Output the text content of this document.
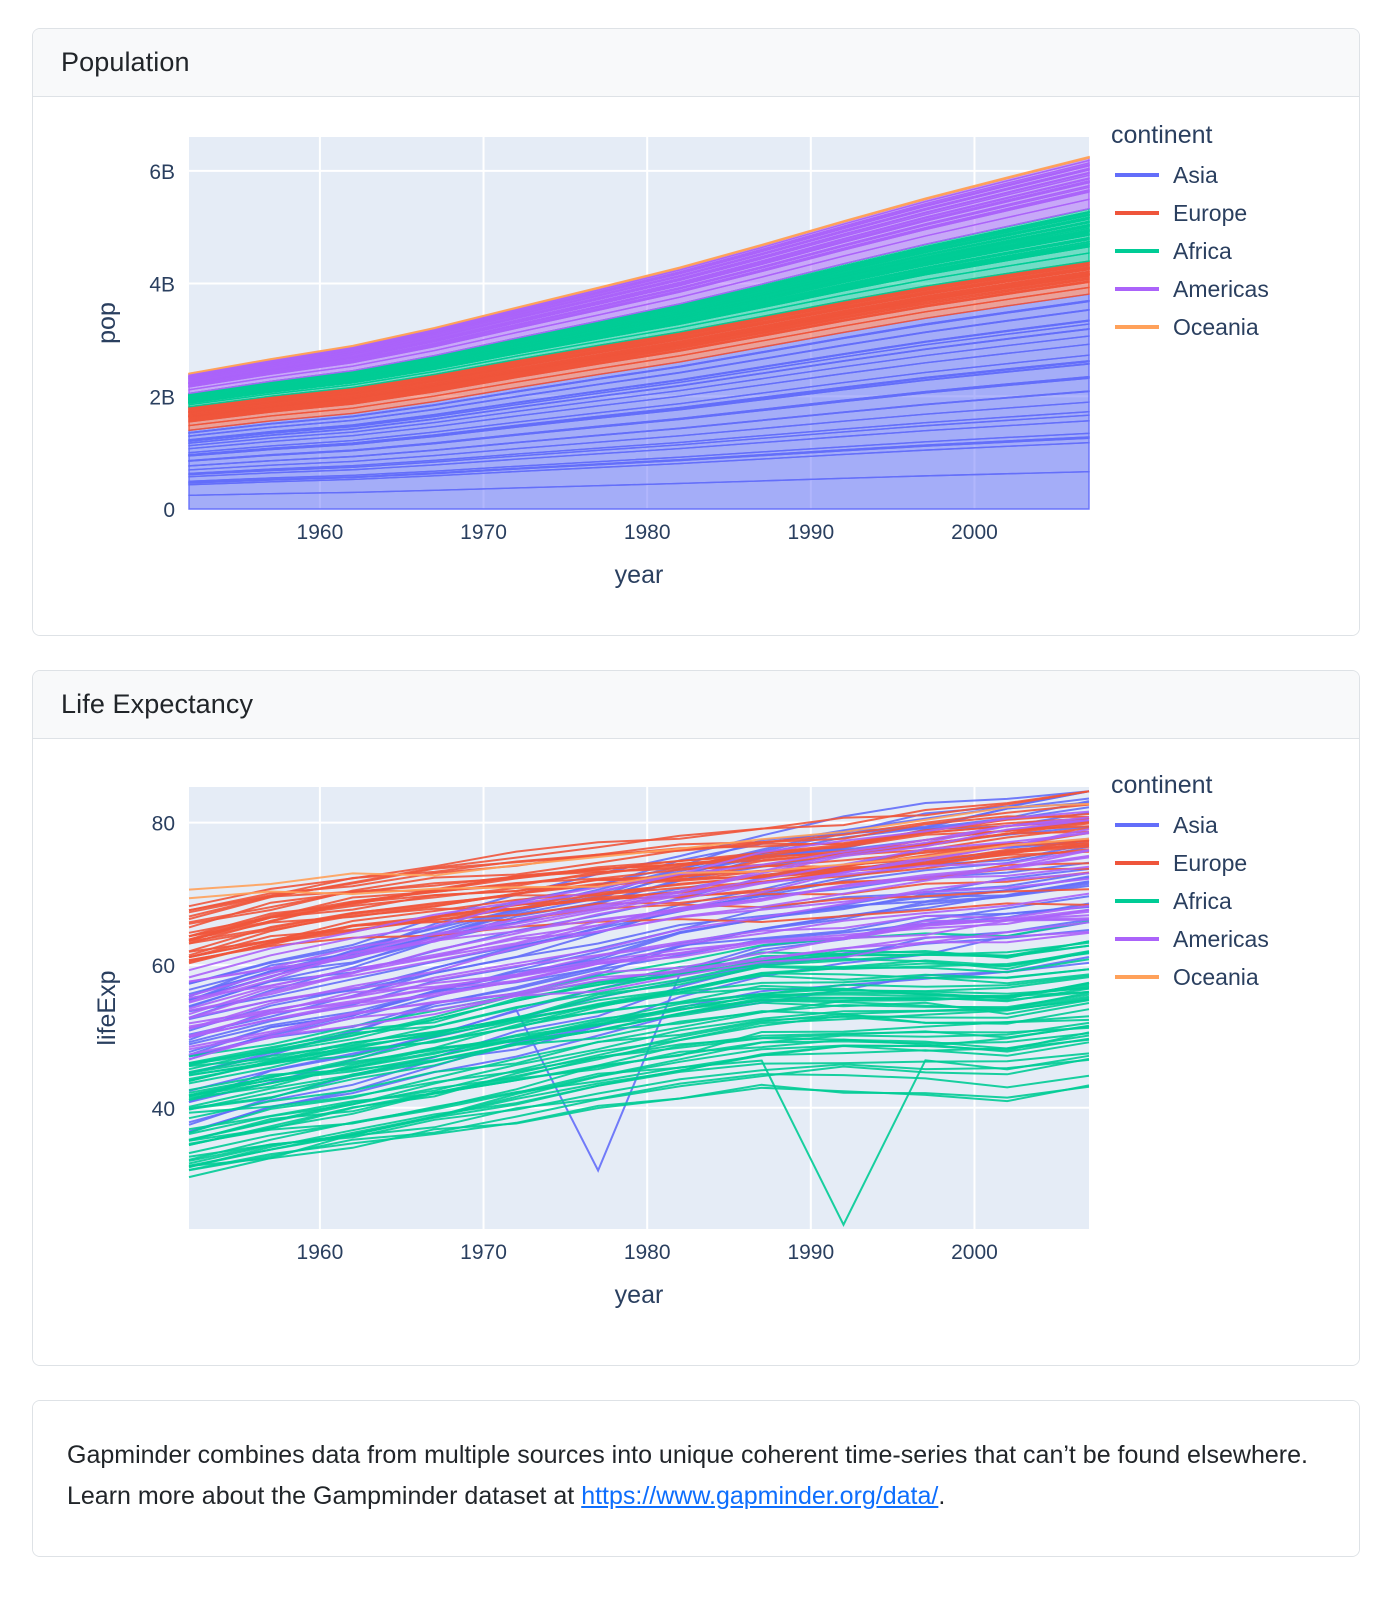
Population
1960	1970	1980	1990	2000
0
2B
4B
6B
year
pop
continent
Asia
Europe
Africa
Americas
Oceania
Life Expectancy
1960	1970	1980	1990	2000
40
60
80
year
lifeExp
continent
Asia
Europe
Africa
Americas
Oceania
Gapminder combines data from multiple sources into unique coherent time-series that can’t be found elsewhere. Learn more about the Gampminder dataset at https://www.gapminder.org/data/.
